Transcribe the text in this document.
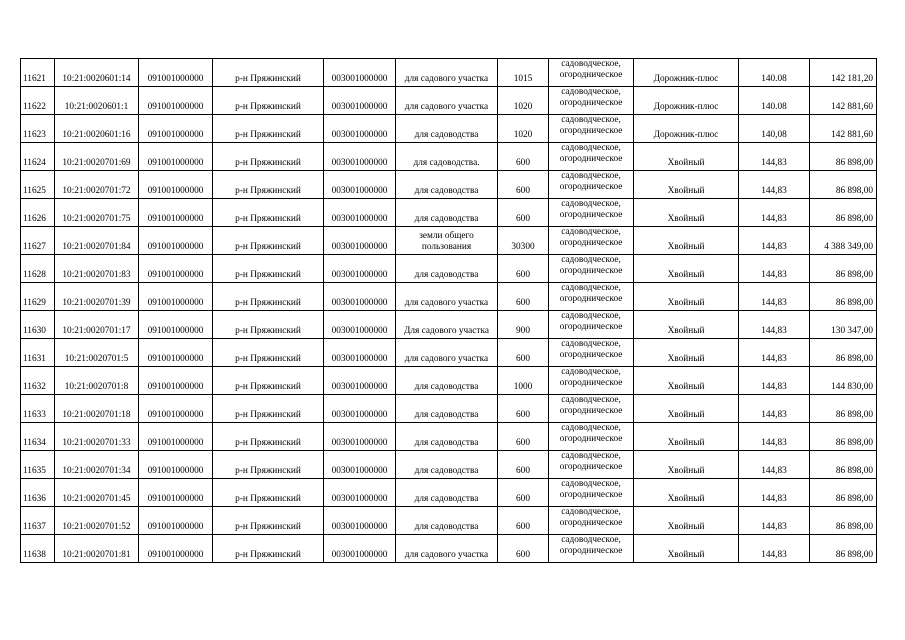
11621	10:21:0020601:14	091001000000	р-н Пряжинский	003001000000	для садового участка	1015	садоводческое, огородническое	Дорожник-плюс	140.08	142 181,20
11622	10:21:0020601:1	091001000000	р-н Пряжинский	003001000000	для садового участка	1020	садоводческое, огородническое	Дорожник-плюс	140.08	142 881,60
11623	10:21:0020601:16	091001000000	р-н Пряжинский	003001000000	для садоводства	1020	садоводческое, огородническое	Дорожник-плюс	140,08	142 881,60
11624	10:21:0020701:69	091001000000	р-н Пряжинский	003001000000	для садоводства.	600	садоводческое, огородническое	Хвойный	144,83	86 898,00
11625	10:21:0020701:72	091001000000	р-н Пряжинский	003001000000	для садоводства	600	садоводческое, огородническое	Хвойный	144,83	86 898,00
11626	10:21:0020701:75	091001000000	р-н Пряжинский	003001000000	для садоводства	600	садоводческое, огородническое	Хвойный	144,83	86 898,00
11627	10:21:0020701:84	091001000000	р-н Пряжинский	003001000000	земли общего пользования	30300	садоводческое, огородническое	Хвойный	144,83	4 388 349,00
11628	10:21:0020701:83	091001000000	р-н Пряжинский	003001000000	для садоводства	600	садоводческое, огородническое	Хвойный	144,83	86 898,00
11629	10:21:0020701:39	091001000000	р-н Пряжинский	003001000000	для садового участка	600	садоводческое, огородническое	Хвойный	144,83	86 898,00
11630	10:21:0020701:17	091001000000	р-н Пряжинский	003001000000	Для садового участка	900	садоводческое, огородническое	Хвойный	144,83	130 347,00
11631	10:21:0020701:5	091001000000	р-н Пряжинский	003001000000	для садового участка	600	садоводческое, огородническое	Хвойный	144,83	86 898,00
11632	10:21:0020701:8	091001000000	р-н Пряжинский	003001000000	для садоводства	1000	садоводческое, огородническое	Хвойный	144,83	144 830,00
11633	10:21:0020701:18	091001000000	р-н Пряжинский	003001000000	для садоводства	600	садоводческое, огородническое	Хвойный	144,83	86 898,00
11634	10:21:0020701:33	091001000000	р-н Пряжинский	003001000000	для садоводства	600	садоводческое, огородническое	Хвойный	144,83	86 898,00
11635	10:21:0020701:34	091001000000	р-н Пряжинский	003001000000	для садоводства	600	садоводческое, огородническое	Хвойный	144,83	86 898,00
11636	10:21:0020701:45	091001000000	р-н Пряжинский	003001000000	для садоводства	600	садоводческое, огородническое	Хвойный	144,83	86 898,00
11637	10:21:0020701:52	091001000000	р-н Пряжинский	003001000000	для садоводства	600	садоводческое, огородническое	Хвойный	144,83	86 898,00
11638	10:21:0020701:81	091001000000	р-н Пряжинский	003001000000	для садового участка	600	садоводческое, огородническое	Хвойный	144,83	86 898,00
